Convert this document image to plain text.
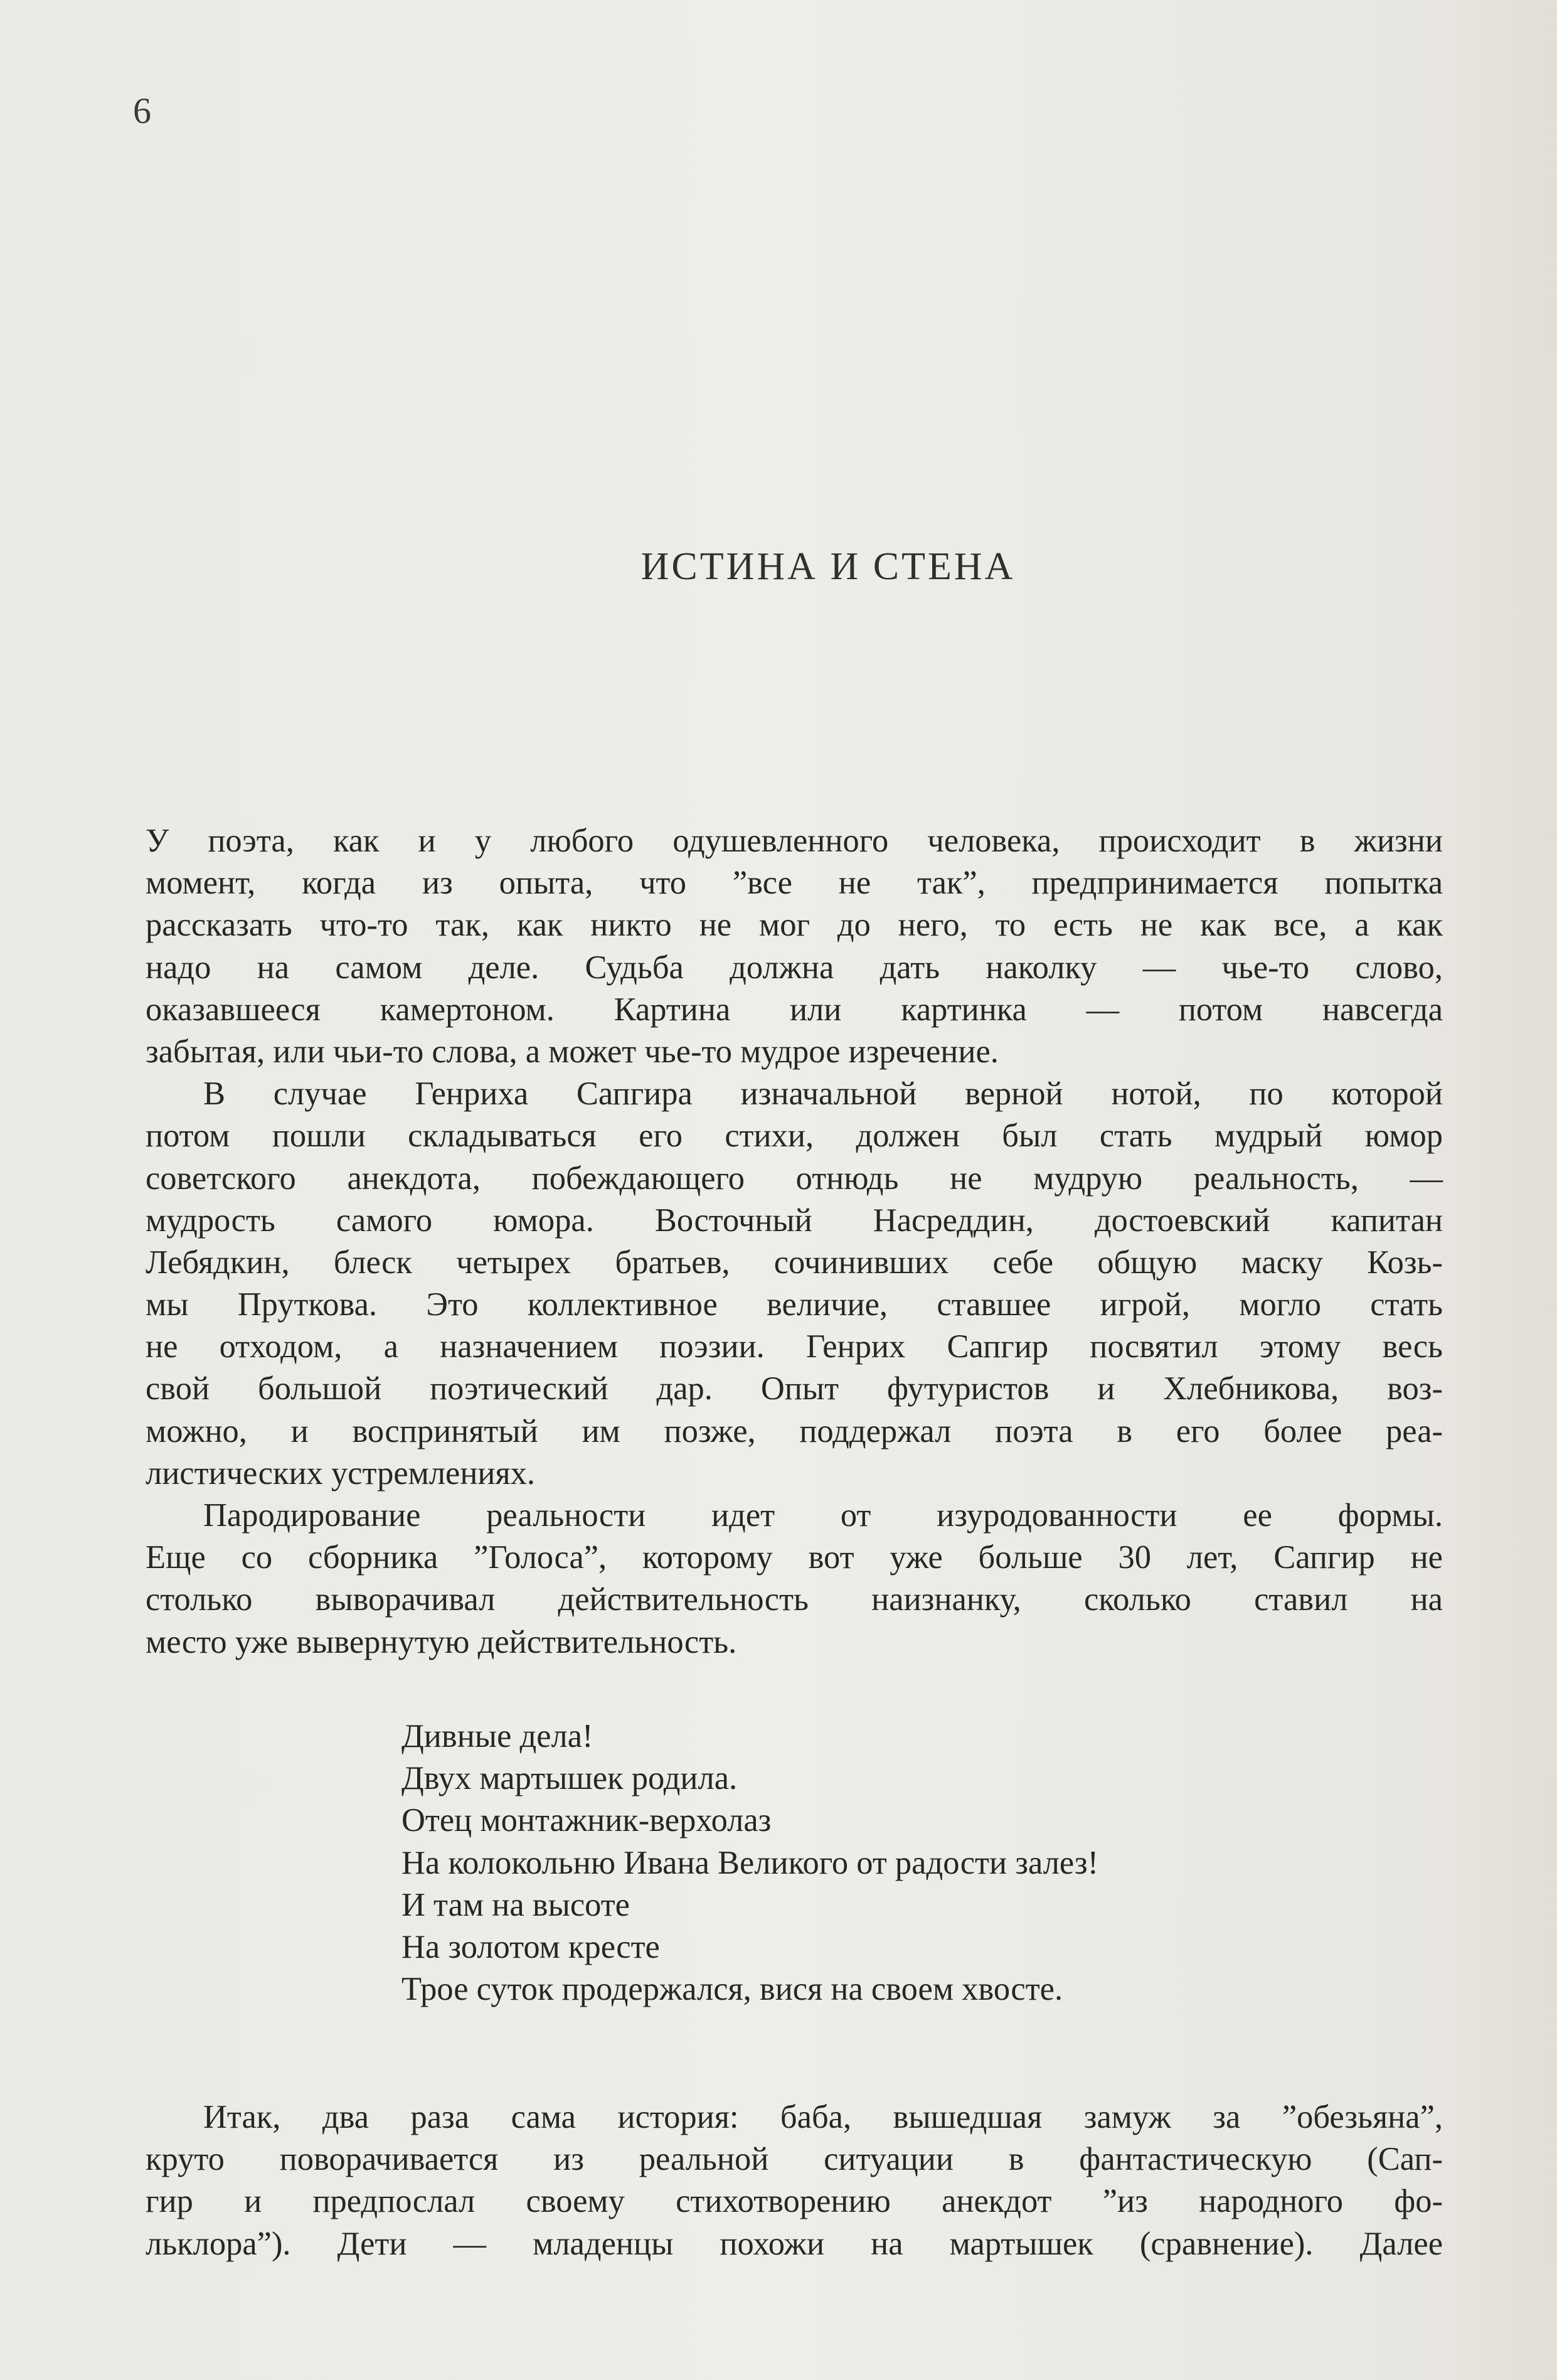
6
ИСТИНА И СТЕНА
У поэта, как и у любого одушевленного человека, происходит в жизни
момент, когда из опыта, что ”все не так”, предпринимается попытка
рассказать что-то так, как никто не мог до него, то есть не как все, а как
надо на самом деле. Судьба должна дать наколку — чье-то слово,
оказавшееся камертоном. Картина или картинка — потом навсегда
забытая, или чьи-то слова, а может чье-то мудрое изречение.
В случае Генриха Сапгира изначальной верной нотой, по которой
потом пошли складываться его стихи, должен был стать мудрый юмор
советского анекдота, побеждающего отнюдь не мудрую реальность, —
мудрость самого юмора. Восточный Насреддин, достоевский капитан
Лебядкин, блеск четырех братьев, сочинивших себе общую маску Козь-
мы Пруткова. Это коллективное величие, ставшее игрой, могло стать
не отходом, а назначением поэзии. Генрих Сапгир посвятил этому весь
свой большой поэтический дар. Опыт футуристов и Хлебникова, воз-
можно, и воспринятый им позже, поддержал поэта в его более реа-
листических устремлениях.
Пародирование реальности идет от изуродованности ее формы.
Еще со сборника ”Голоса”, которому вот уже больше 30 лет, Сапгир не
столько выворачивал действительность наизнанку, сколько ставил на
место уже вывернутую действительность.
Дивные дела!
Двух мартышек родила.
Отец монтажник-верхолаз
На колокольню Ивана Великого от радости залез!
И там на высоте
На золотом кресте
Трое суток продержался, вися на своем хвосте.
Итак, два раза сама история: баба, вышедшая замуж за ”обезьяна”,
круто поворачивается из реальной ситуации в фантастическую (Сап-
гир и предпослал своему стихотворению анекдот ”из народного фо-
льклора”). Дети — младенцы похожи на мартышек (сравнение). Далее
